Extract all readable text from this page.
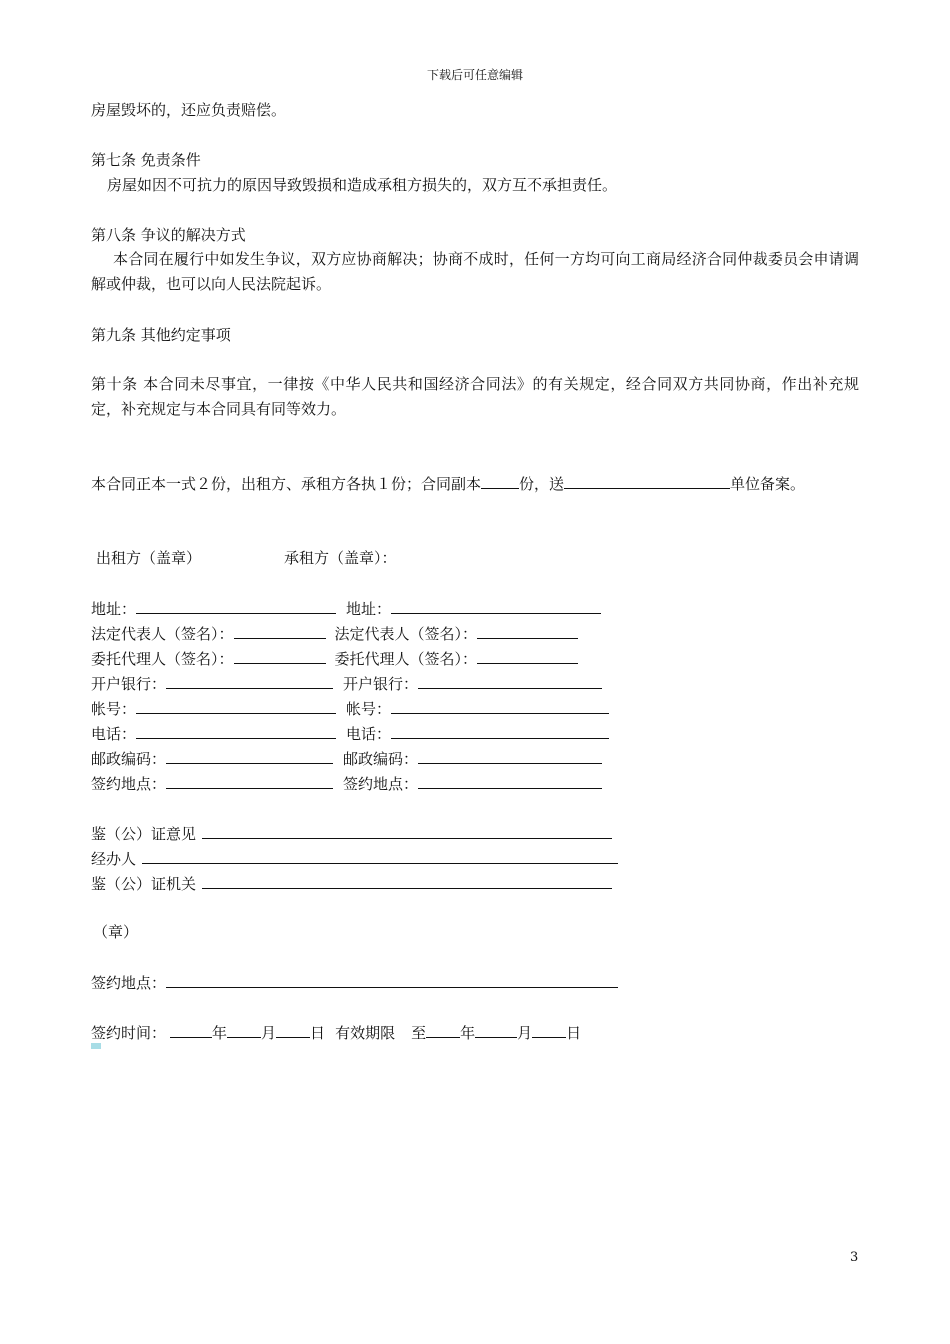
下载后可任意编辑
房屋毁坏的，还应负责赔偿。
第七条 免责条件
房屋如因不可抗力的原因导致毁损和造成承租方损失的，双方互不承担责任。
第八条 争议的解决方式
本合同在履行中如发生争议，双方应协商解决；协商不成时，任何一方均可向工商局经济合同仲裁委员会申请调解或仲裁，也可以向人民法院起诉。
第九条 其他约定事项
第十条 本合同未尽事宜，一律按《中华人民共和国经济合同法》的有关规定，经合同双方共同协商，作出补充规定，补充规定与本合同具有同等效力。
本合同正本一式２份，出租方、承租方各执１份；合同副本	份，送	单位备案。
出租方（盖章）	承租方（盖章）：
地址：	地址：
法定代表人（签名）：	法定代表人（签名）：
委托代理人（签名）：	委托代理人（签名）：
开户银行：	开户银行：
帐号：	帐号：
电话：	电话：
邮政编码：	邮政编码：
签约地点：	签约地点：
鉴（公）证意见
经办人
鉴（公）证机关
（章）
签约地点：
签约时间：	年 月 日 有效期限 至 年	月 日
3
